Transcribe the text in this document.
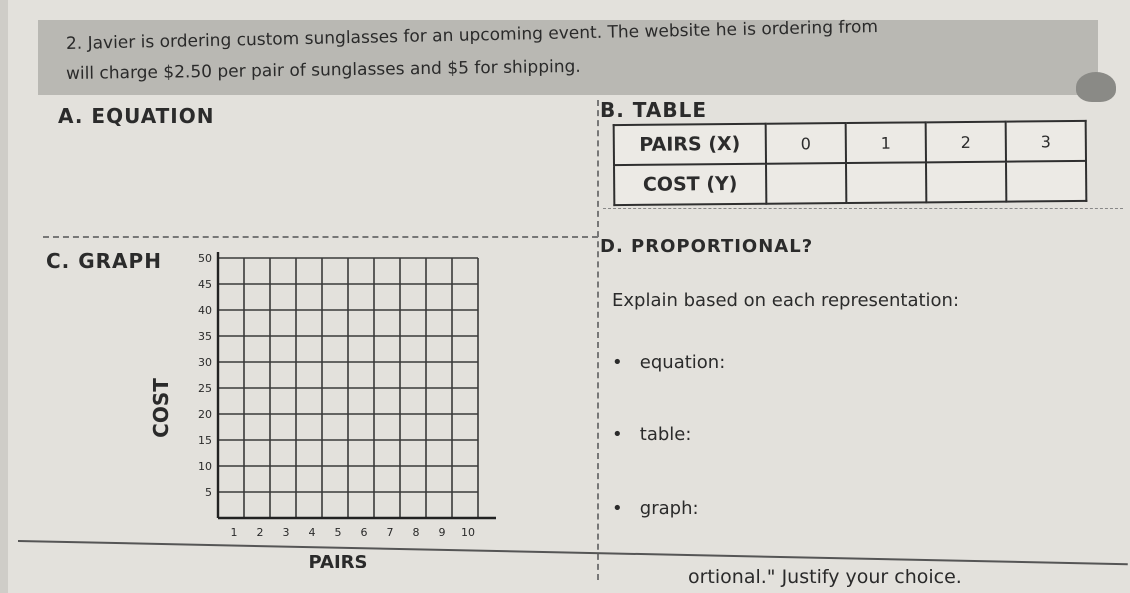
2. Javier is ordering custom sunglasses for an upcoming event. The website he is ordering from
will charge $2.50 per pair of sunglasses and $5 for shipping.
A. EQUATION	B. TABLE
C. GRAPH
D. PROPORTIONAL?
PAIRS (X)	0	1	2	3
COST (Y)				
50
45
40
35
30
25
20
15
10
5
1 2 3 4 5 6 7 8 9 10
COST
PAIRS
Explain based on each representation:
•   equation:
•   table:
•   graph:
ortional." Justify your choice.
